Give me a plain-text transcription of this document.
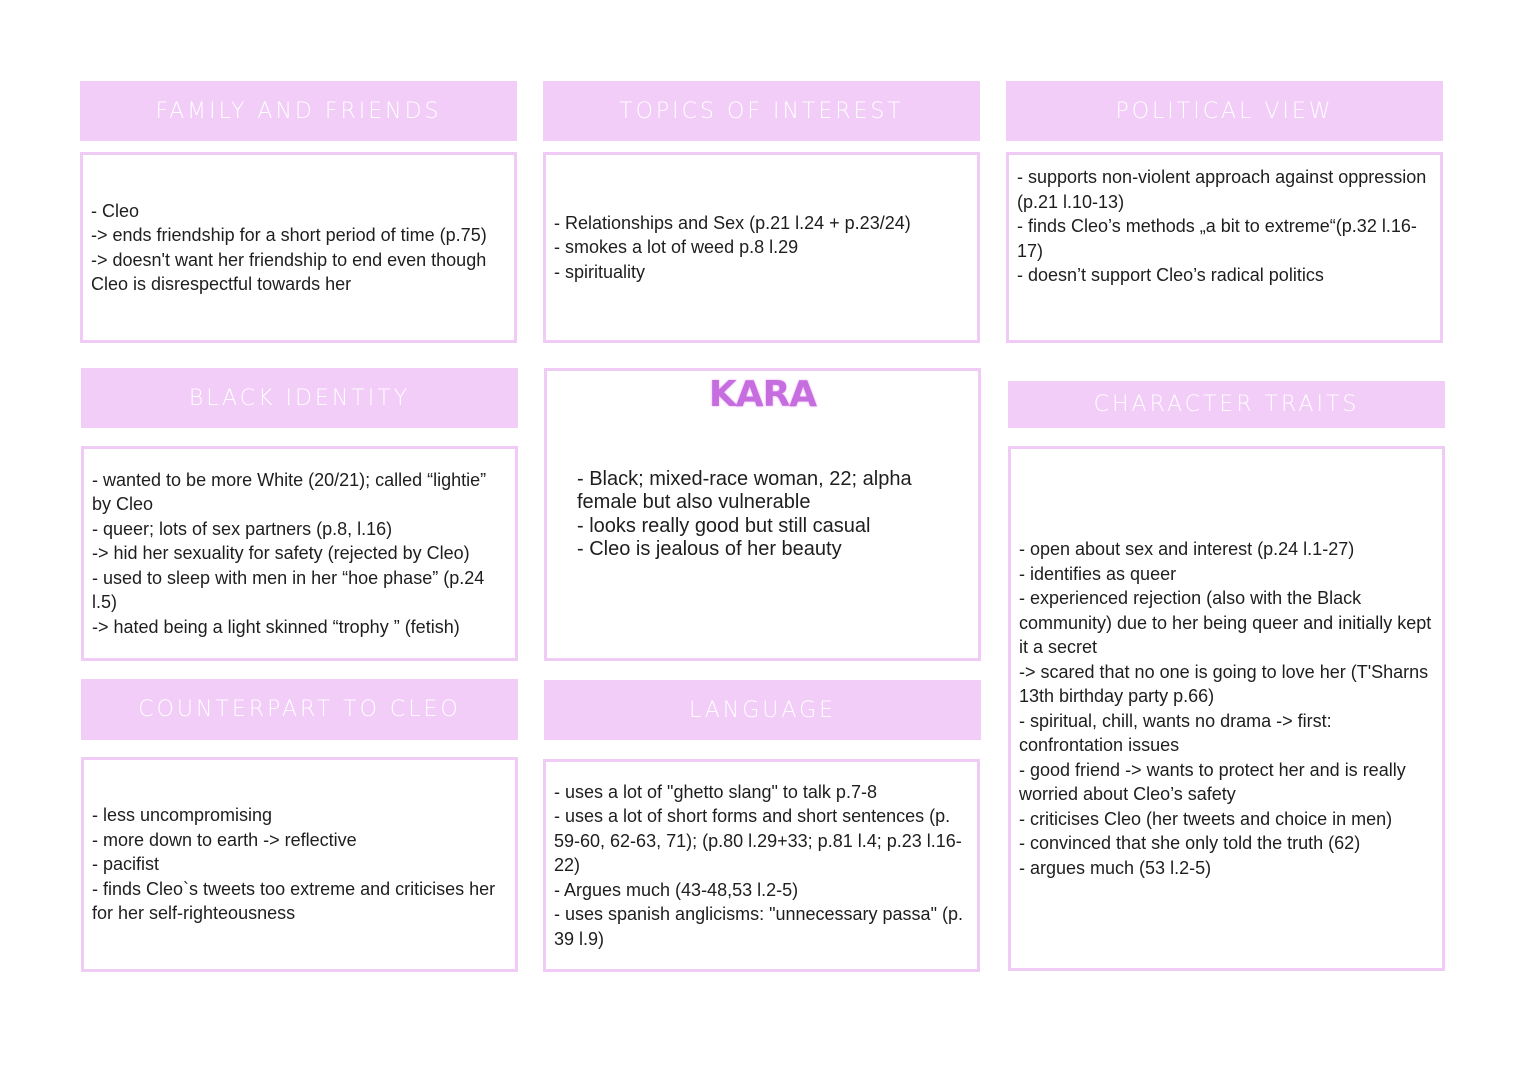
FAMILY AND FRIENDS
- Cleo
-> ends friendship for a short period of time (p.75)
-> doesn't want her friendship to end even though Cleo is disrespectful towards her
TOPICS OF INTEREST
- Relationships and Sex (p.21 l.24 + p.23/24)
- smokes a lot of weed p.8 l.29
- spirituality
POLITICAL VIEW
- supports non-violent approach against oppression (p.21 l.10-13)
- finds Cleo’s methods „a bit to extreme“(p.32 l.16-17)
- doesn’t support Cleo’s radical politics
BLACK IDENTITY
- wanted to be more White (20/21); called “lightie” by Cleo
- queer; lots of sex partners (p.8, l.16)
-> hid her sexuality for safety (rejected by Cleo)
- used to sleep with men in her “hoe phase” (p.24 l.5)
-> hated being a light skinned “trophy ” (fetish)
KARA
- Black; mixed-race woman, 22; alpha female but also vulnerable
- looks really good but still casual
- Cleo is jealous of her beauty
CHARACTER TRAITS
- open about sex and interest (p.24 l.1-27)
- identifies as queer
- experienced rejection (also with the Black community) due to her being queer and initially kept it a secret
-> scared that no one is going to love her (T'Sharns 13th birthday party p.66)
- spiritual, chill, wants no drama -> first: confrontation issues
- good friend -> wants to protect her and is really worried about Cleo’s safety
- criticises Cleo (her tweets and choice in men)
- convinced that she only told the truth (62)
- argues much (53 l.2-5)
COUNTERPART TO CLEO
- less uncompromising
- more down to earth -> reflective
- pacifist
- finds Cleo`s tweets too extreme and criticises her for her self-righteousness
LANGUAGE
- uses a lot of "ghetto slang" to talk p.7-8
- uses a lot of short forms and short sentences (p. 59-60, 62-63, 71); (p.80 l.29+33; p.81 l.4; p.23 l.16-22)
- Argues much (43-48,53 l.2-5)
- uses spanish anglicisms: "unnecessary passa" (p. 39 l.9)
